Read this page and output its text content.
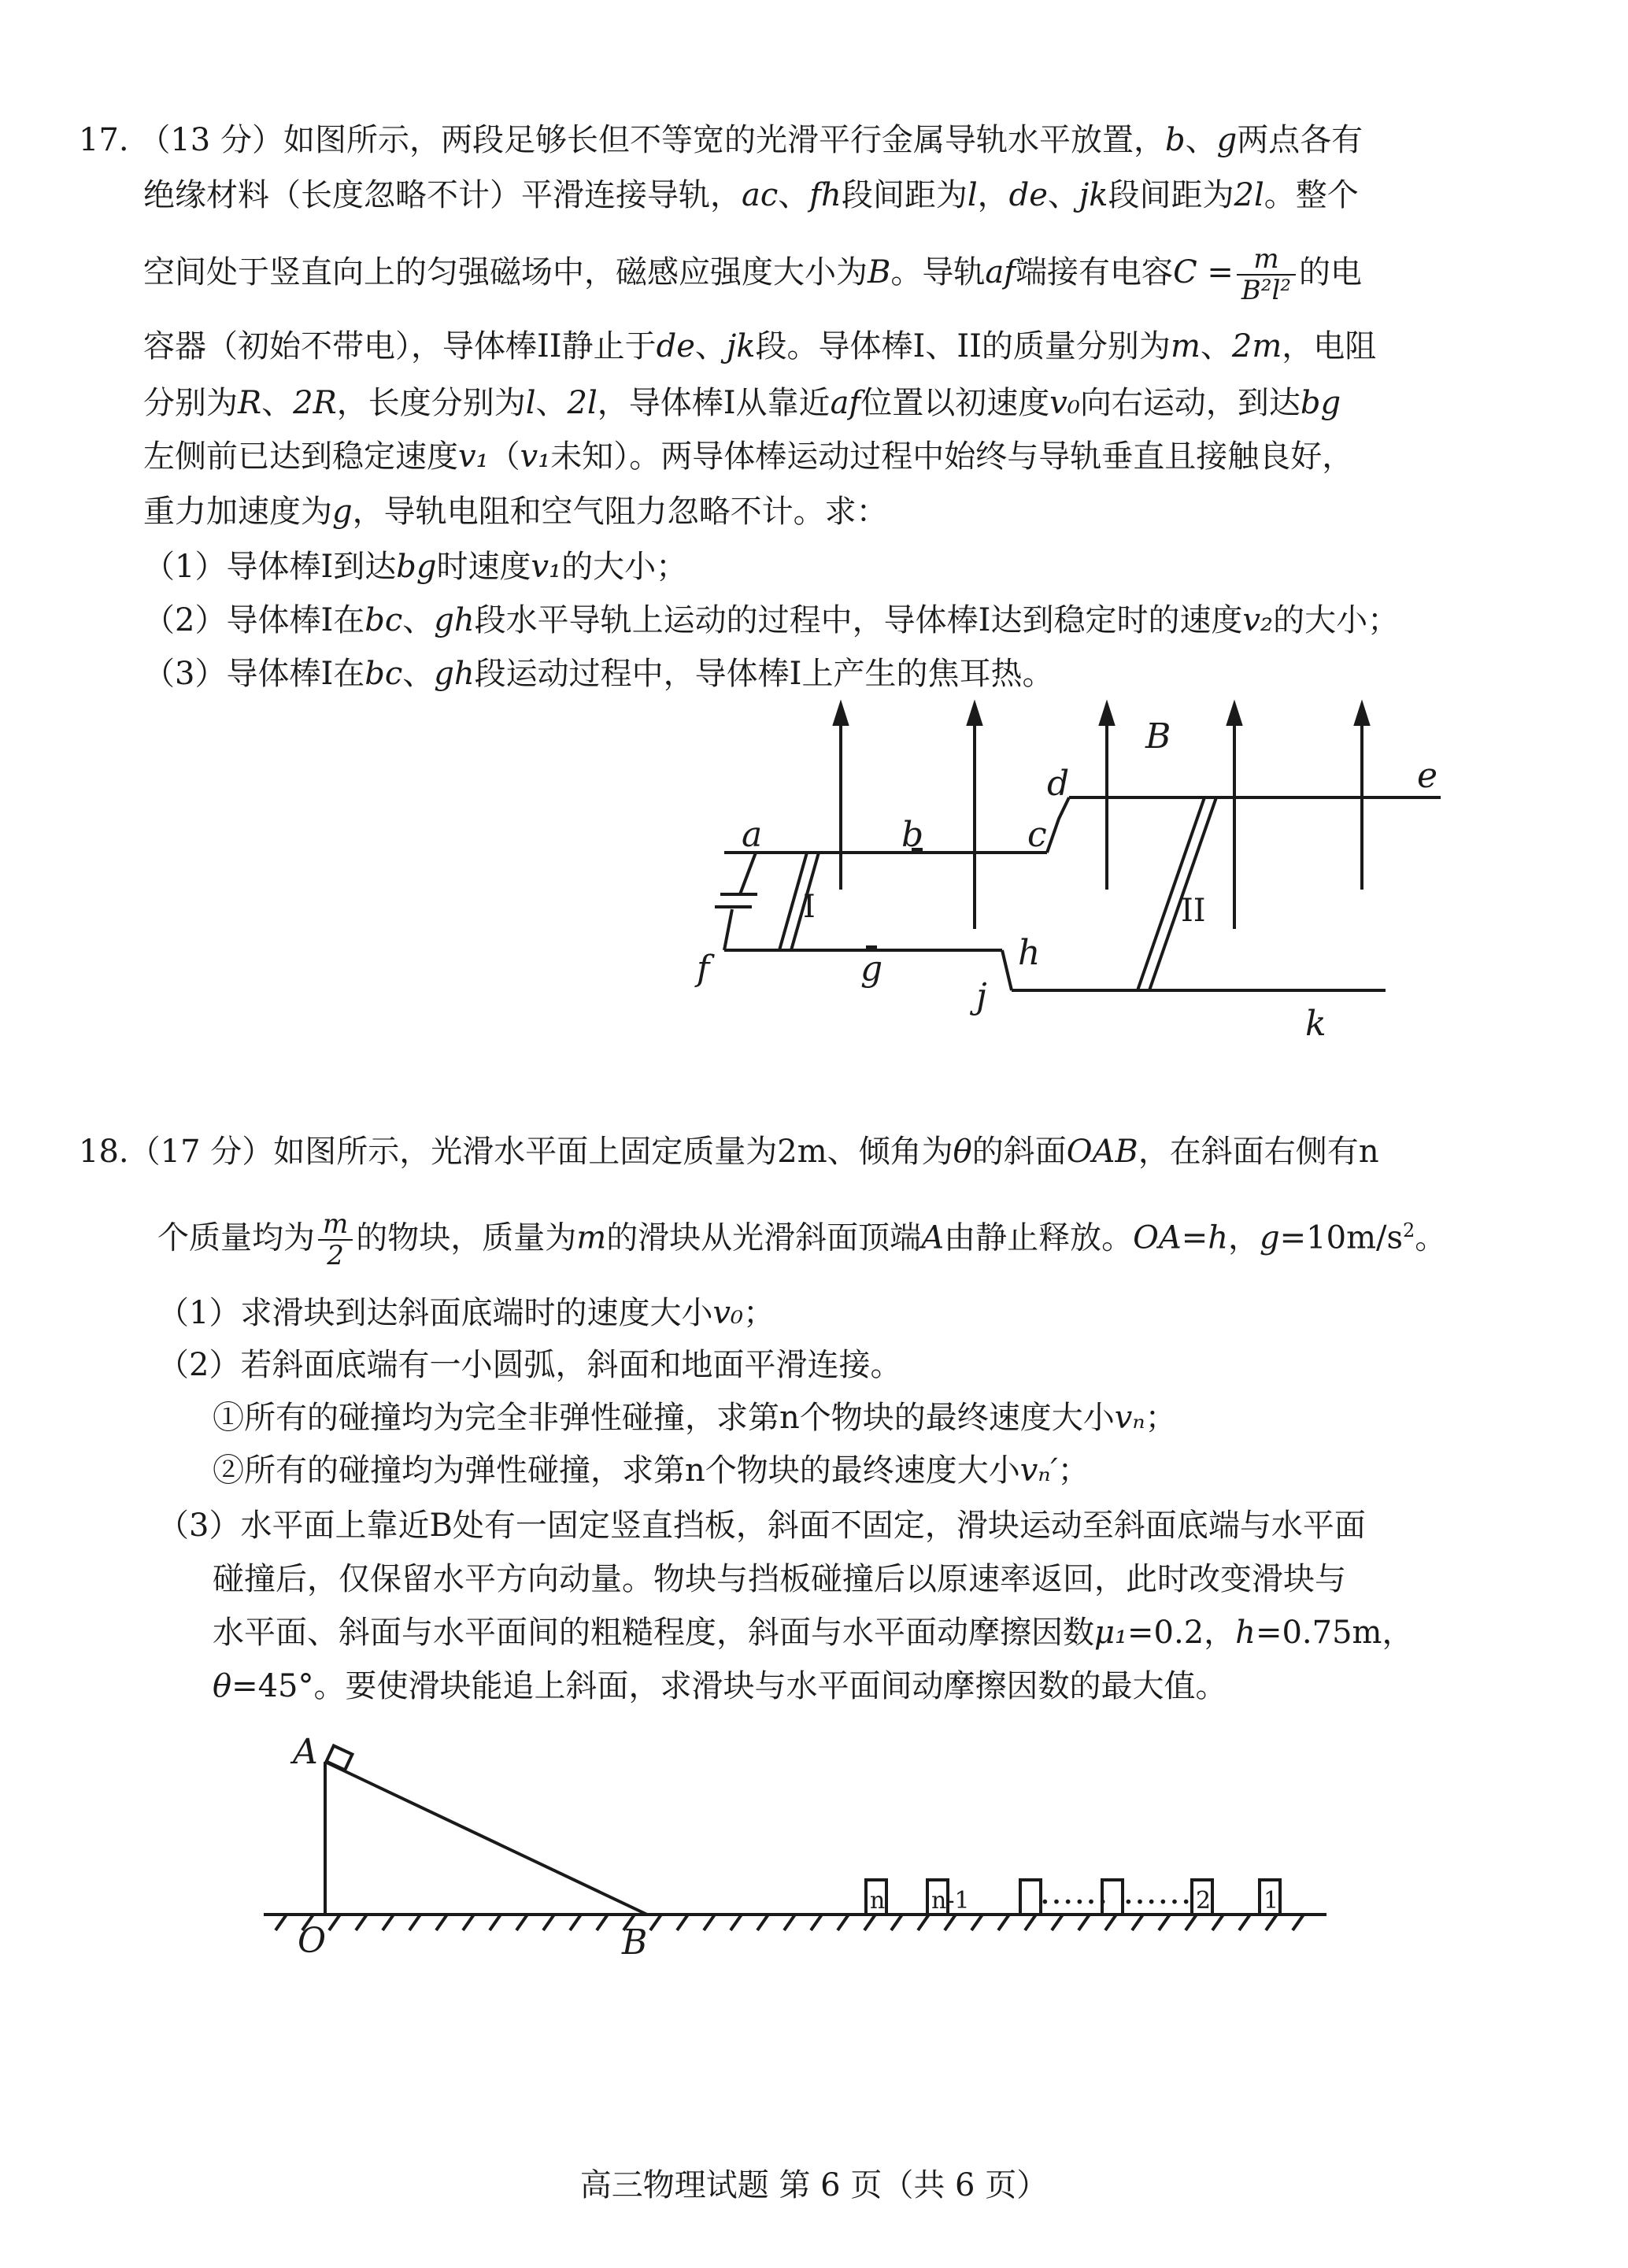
17. （13 分）如图所示，两段足够长但不等宽的光滑平行金属导轨水平放置，b、g两点各有
绝缘材料（长度忽略不计）平滑连接导轨，ac、fh段间距为l，de、jk段间距为2l。整个
空间处于竖直向上的匀强磁场中，磁感应强度大小为B。导轨af端接有电容$C = \frac{m}{\text{B²l²}}$ 的电
容器（初始不带电），导体棒II静止于de、jk段。导体棒I、II的质量分别为m、2m，电阻
分别为R、2R，长度分别为l、2l，导体棒I从靠近af位置以初速度v₀向右运动，到达bg
左侧前已达到稳定速度v₁（v₁未知）。两导体棒运动过程中始终与导轨垂直且接触良好，
重力加速度为g，导轨电阻和空气阻力忽略不计。求：
（1）导体棒I到达bg时速度v₁的大小；
（2）导体棒I在bc、gh段水平导轨上运动的过程中，导体棒I达到稳定时的速度v₂的大小；
（3）导体棒I在bc、gh段运动过程中，导体棒I上产生的焦耳热。
B
a	b	c
d	e
f	g	h
j
k
I	II
18.（17 分）如图所示，光滑水平面上固定质量为2m、倾角为θ的斜面OAB，在斜面右侧有n
个质量均为 $\frac{m}{2}$ 的物块，质量为m的滑块从光滑斜面顶端A由静止释放。OA=h，$g=10m/s^2$。
（1）求滑块到达斜面底端时的速度大小v₀；
（2）若斜面底端有一小圆弧，斜面和地面平滑连接。
①所有的碰撞均为完全非弹性碰撞，求第n个物块的最终速度大小vₙ；
②所有的碰撞均为弹性碰撞，求第n个物块的最终速度大小vₙ′；
（3）水平面上靠近B处有一固定竖直挡板，斜面不固定，滑块运动至斜面底端与水平面
碰撞后，仅保留水平方向动量。物块与挡板碰撞后以原速率返回，此时改变滑块与
水平面、斜面与水平面间的粗糙程度，斜面与水平面动摩擦因数μ₁=0.2，h=0.75m，
θ=45°。要使滑块能追上斜面，求滑块与水平面间动摩擦因数的最大值。
n n-1	2 1
A
O	B
…… ……
高三物理试题 第 6 页（共 6 页）
